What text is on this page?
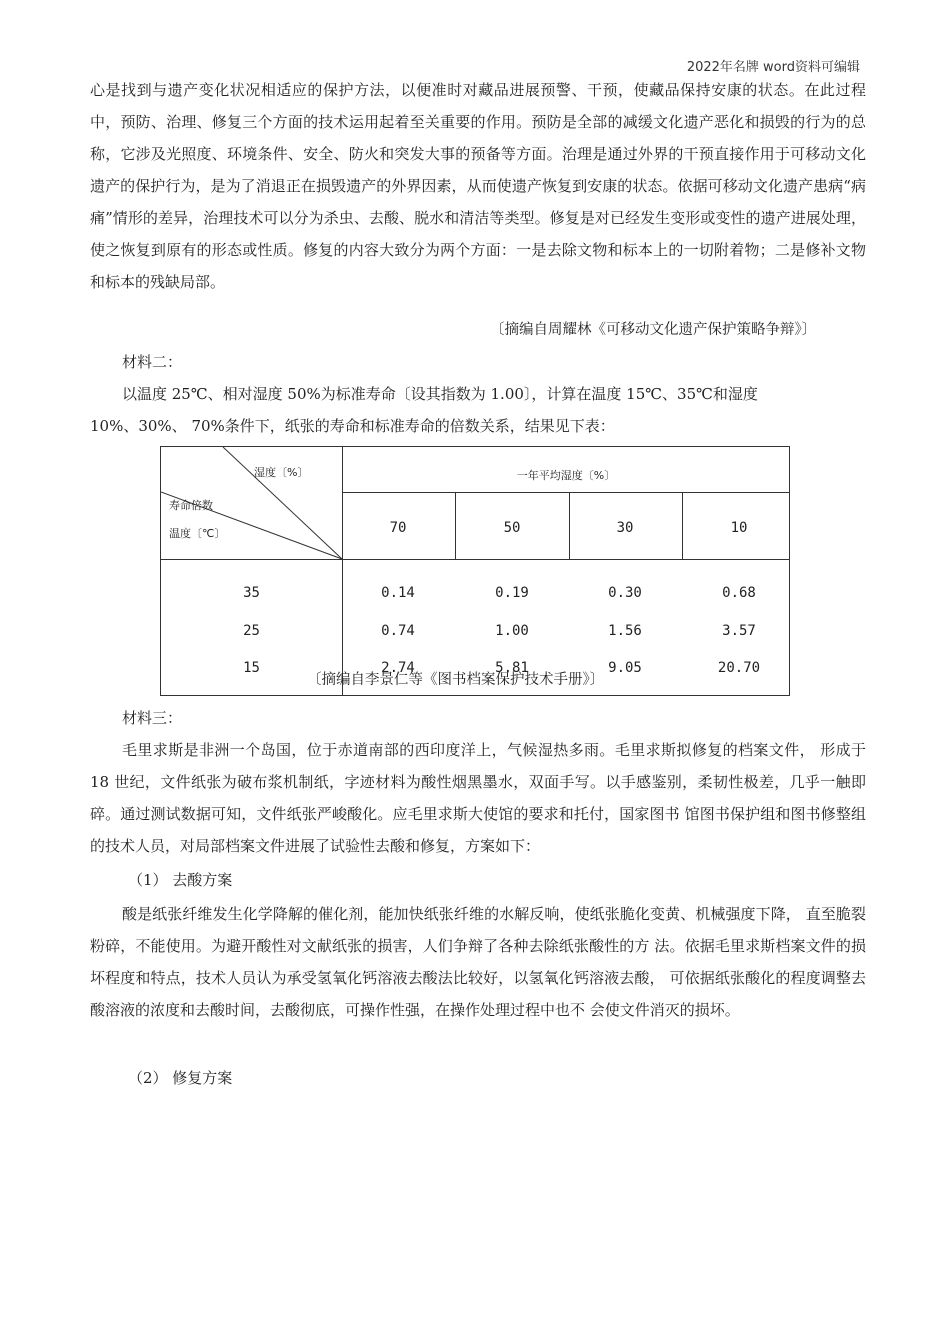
2022年名牌 word资料可编辑
心是找到与遗产变化状况相适应的保护方法，以便准时对藏品进展预警、干预，使藏品保持安康的状态。在此过程中，预防、治理、修复三个方面的技术运用起着至关重要的作用。预防是全部的减缓文化遗产恶化和损毁的行为的总称，它涉及光照度、环境条件、安全、防火和突发大事的预备等方面。治理是通过外界的干预直接作用于可移动文化遗产的保护行为，是为了消退正在损毁遗产的外界因素，从而使遗产恢复到安康的状态。依据可移动文化遗产患病“病痛”情形的差异，治理技术可以分为杀虫、去酸、脱水和清洁等类型。修复是对已经发生变形或变性的遗产进展处理，使之恢复到原有的形态或性质。修复的内容大致分为两个方面：一是去除文物和标本上的一切附着物；二是修补文物和标本的残缺局部。
〔摘编自周耀林《可移动文化遗产保护策略争辩》〕
材料二：
以温度 25℃、相对湿度 50%为标准寿命〔设其指数为 1.00〕，计算在温度 15℃、35℃和湿度
10%、30%、 70%条件下，纸张的寿命和标准寿命的倍数关系，结果见下表：
湿度〔%〕
寿命倍数
温度〔℃〕
一年平均湿度〔%〕
70	50	30	10
35	0.14	0.19	0.30	0.68
25	0.74	1.00	1.56	3.57
15	2.74	5.81	9.05	20.70
〔摘编自李景仁等《图书档案保护技术手册》〕
材料三：
毛里求斯是非洲一个岛国，位于赤道南部的西印度洋上，气候湿热多雨。毛里求斯拟修复的档案文件， 形成于 18 世纪，文件纸张为破布浆机制纸，字迹材料为酸性烟黑墨水，双面手写。以手感鉴别，柔韧性极差，几乎一触即碎。通过测试数据可知，文件纸张严峻酸化。应毛里求斯大使馆的要求和托付，国家图书 馆图书保护组和图书修整组的技术人员，对局部档案文件进展了试验性去酸和修复，方案如下：
（1） 去酸方案
酸是纸张纤维发生化学降解的催化剂，能加快纸张纤维的水解反响，使纸张脆化变黄、机械强度下降， 直至脆裂粉碎，不能使用。为避开酸性对文献纸张的损害，人们争辩了各种去除纸张酸性的方 法。依据毛里求斯档案文件的损坏程度和特点，技术人员认为承受氢氧化钙溶液去酸法比较好，以氢氧化钙溶液去酸， 可依据纸张酸化的程度调整去酸溶液的浓度和去酸时间，去酸彻底，可操作性强，在操作处理过程中也不 会使文件消灭的损坏。
（2） 修复方案
